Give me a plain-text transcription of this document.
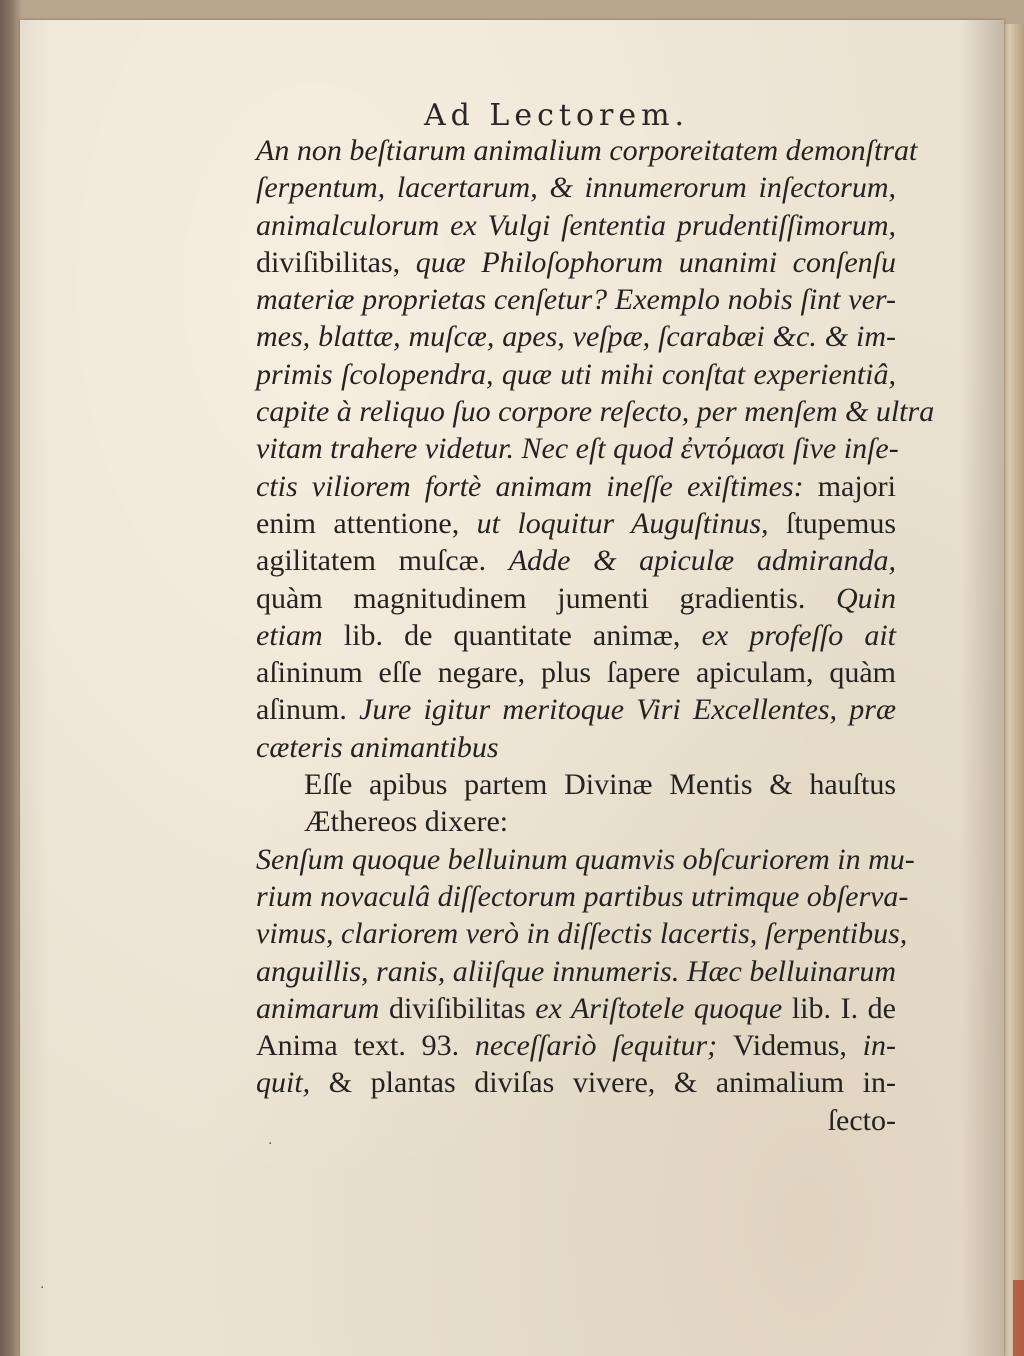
Ad Lectorem.
An non beſtiarum animalium corporeitatem demonſtrat
ſerpentum, lacertarum, & innumerorum inſectorum,
animalculorum ex Vulgi ſententia prudentiſſimorum,
diviſibilitas, quæ Philoſophorum unanimi conſenſu
materiæ proprietas cenſetur? Exemplo nobis ſint ver-
mes, blattæ, muſcæ, apes, veſpæ, ſcarabæi &c. & im-
primis ſcolopendra, quæ uti mihi conſtat experientiâ,
capite à reliquo ſuo corpore reſecto, per menſem & ultra
vitam trahere videtur. Nec eſt quod ἐντόμασι ſive inſe-
ctis viliorem fortè animam ineſſe exiſtimes: majori
enim attentione, ut loquitur Auguſtinus, ſtupemus
agilitatem muſcæ. Adde & apiculæ admiranda,
quàm magnitudinem jumenti gradientis. Quin
etiam lib. de quantitate animæ, ex profeſſo ait
aſininum eſſe negare, plus ſapere apiculam, quàm
aſinum. Jure igitur meritoque Viri Excellentes, præ
cæteris animantibus
Eſſe apibus partem Divinæ Mentis & hauſtus
Æthereos dixere:
Senſum quoque belluinum quamvis obſcuriorem in mu-
rium novaculâ diſſectorum partibus utrimque obſerva-
vimus, clariorem verò in diſſectis lacertis, ſerpentibus,
anguillis, ranis, aliiſque innumeris. Hæc belluinarum
animarum diviſibilitas ex Ariſtotele quoque lib. I. de
Anima text. 93. neceſſariò ſequitur; Videmus, in-
quit, & plantas diviſas vivere, & animalium in-
ſecto-
·
·
